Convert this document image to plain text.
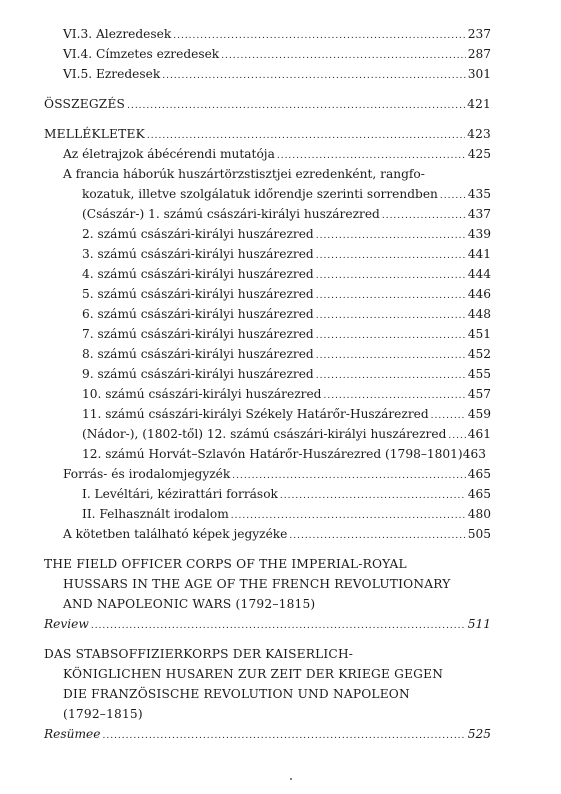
VI.3. Alezredesek .....	237
VI.4. Címzetes ezredesek .....	287
VI.5. Ezredesek .....	301
ÖSSZEGZÉS .....	421
MELLÉKLETEK .....	423
Az életrajzok ábécérendi mutatója .....	425
A francia háborúk huszártörzstisztjei ezredenként, rangfo-
kozatuk, illetve szolgálatuk időrendje szerinti sorrendben ..... 435
(Császár-) 1. számú császári-királyi huszárezred .....	437
2. számú császári-királyi huszárezred .....	439
3. számú császári-királyi huszárezred .....	441
4. számú császári-királyi huszárezred .....	444
5. számú császári-királyi huszárezred .....	446
6. számú császári-királyi huszárezred .....	448
7. számú császári-királyi huszárezred .....	451
8. számú császári-királyi huszárezred .....	452
9. számú császári-királyi huszárezred .....	455
10. számú császári-királyi huszárezred .....	457
11. számú császári-királyi Székely Határőr-Huszárezred .....	459
(Nádor-), (1802-től) 12. számú császári-királyi huszárezred ..... 461
12. számú Horvát–Szlavón Határőr-Huszárezred (1798–1801) 463
Forrás- és irodalomjegyzék .....	465
I. Levéltári, kézirattári források .....	465
II. Felhasznált irodalom .....	480
A kötetben található képek jegyzéke .....	505
THE FIELD OFFICER CORPS OF THE IMPERIAL-ROYAL
HUSSARS IN THE AGE OF THE FRENCH REVOLUTIONARY
AND NAPOLEONIC WARS (1792–1815)
Review .....	511
DAS STABSOFFIZIERKORPS DER KAISERLICH-
KÖNIGLICHEN HUSAREN ZUR ZEIT DER KRIEGE GEGEN
DIE FRANZÖSISCHE REVOLUTION UND NAPOLEON
(1792–1815)
Resümee .....	525
